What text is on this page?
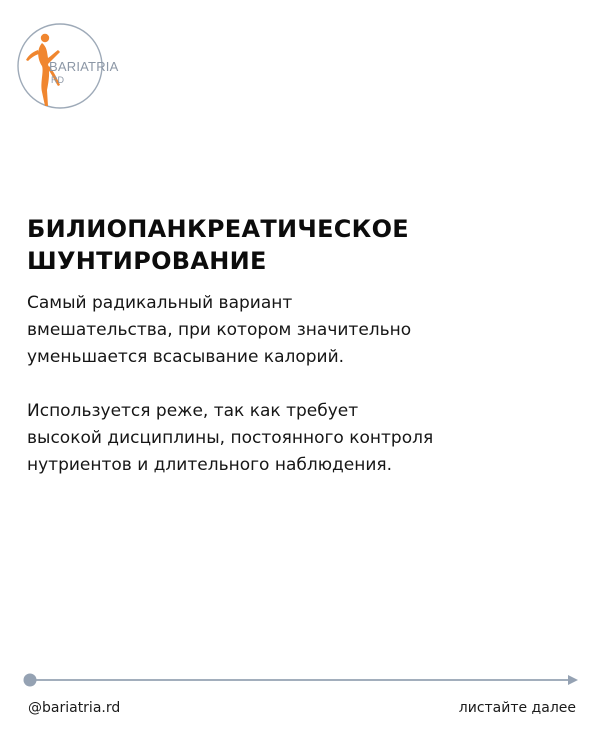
BARIATRIA
RD
БИЛИОПАНКРЕАТИЧЕСКОЕ
ШУНТИРОВАНИЕ

Самый радикальный вариант
вмешательства, при котором значительно
уменьшается всасывание калорий.

Используется реже, так как требует
высокой дисциплины, постоянного контроля
нутриентов и длительного наблюдения.

@bariatria.rd	листайте далее
